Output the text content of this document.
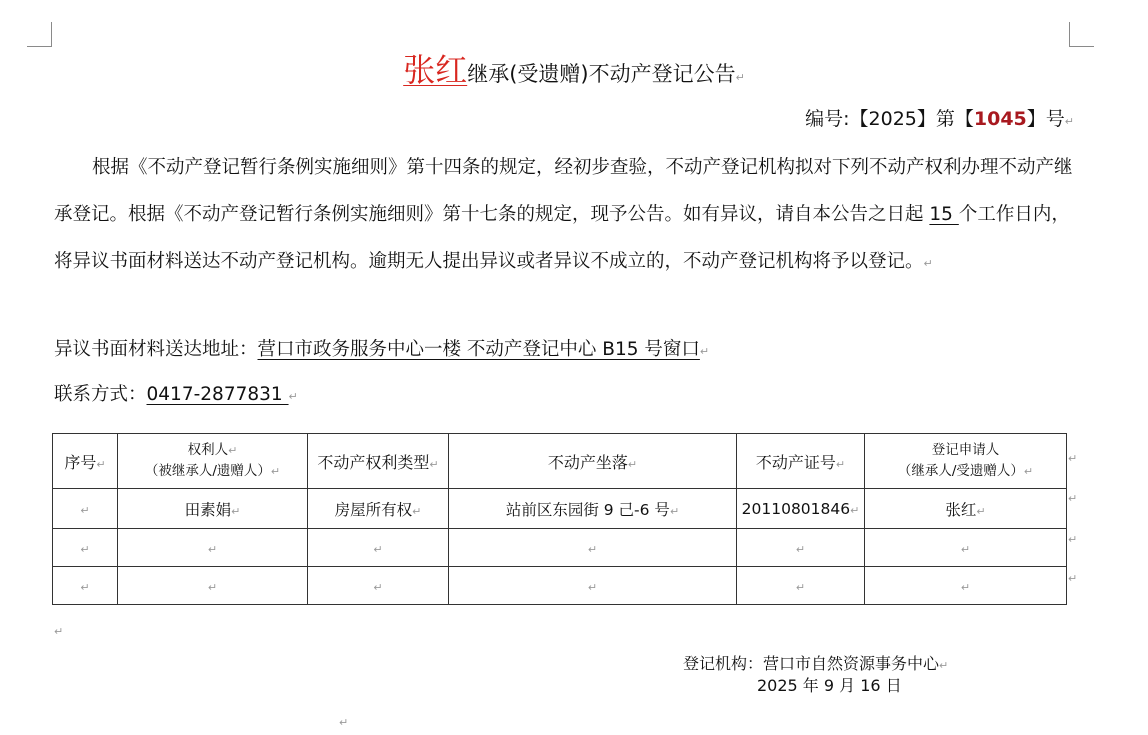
张红继承(受遗赠)不动产登记公告↵
编号:【2025】第【1045】号↵
根据《不动产登记暂行条例实施细则》第十四条的规定，经初步查验，不动产登记机构拟对下列不动产权利办理不动产继承登记。根据《不动产登记暂行条例实施细则》第十七条的规定，现予公告。如有异议，请自本公告之日起 15 个工作日内，将异议书面材料送达不动产登记机构。逾期无人提出异议或者异议不成立的，不动产登记机构将予以登记。↵
异议书面材料送达地址：营口市政务服务中心一楼 不动产登记中心 B15 号窗口↵
联系方式：0417-2877831 ↵
序号↵	权利人↵
（被继承人/遗赠人）↵	不动产权利类型↵	不动产坐落↵	不动产证号↵	登记申请人
（继承人/受遗赠人）↵

↵	田素娟↵	房屋所有权↵	站前区东园街 9 己-6 号↵	20110801846↵	张红↵
↵	↵	↵	↵	↵	↵
↵	↵	↵	↵	↵	↵
↵
↵
↵
↵
↵
登记机构：营口市自然资源事务中心↵
2025 年 9 月 16 日
↵
